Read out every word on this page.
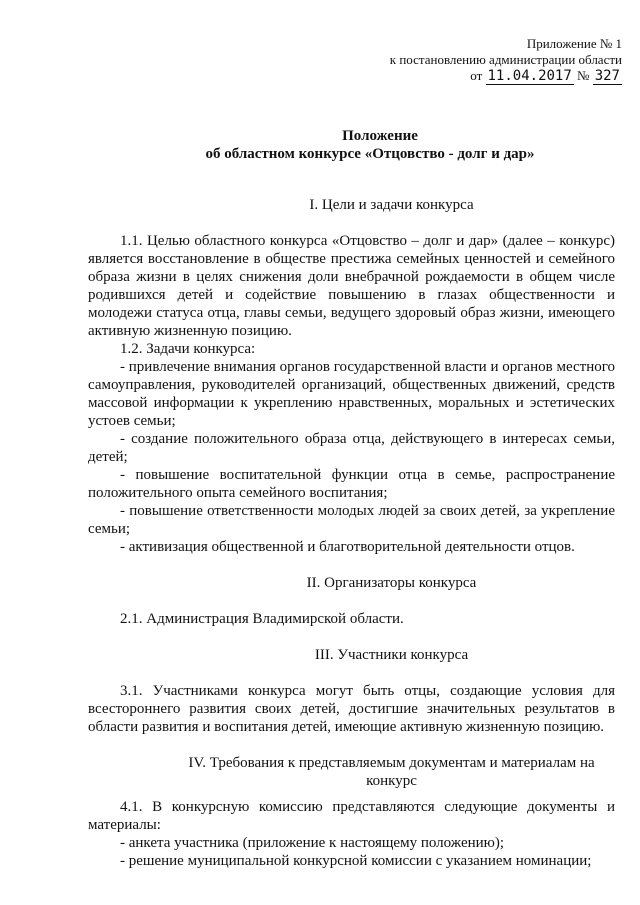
Приложение № 1
к постановлению администрации области
от 11.04.2017 № 327
Положение
об областном конкурсе «Отцовство - долг и дар»

I. Цели и задачи конкурса

1.1. Целью областного конкурса «Отцовство – долг и дар» (далее – конкурс) является восстановление в обществе престижа семейных ценностей и семейного образа жизни в целях снижения доли внебрачной рождаемости в общем числе родившихся детей и содействие повышению в глазах общественности и молодежи статуса отца, главы семьи, ведущего здоровый образ жизни, имеющего активную жизненную позицию.

1.2. Задачи конкурса:

- привлечение внимания органов государственной власти и органов местного самоуправления, руководителей организаций, общественных движений, средств массовой информации к укреплению нравственных, моральных и эстетических устоев семьи;

- создание положительного образа отца, действующего в интересах семьи, детей;

- повышение воспитательной функции отца в семье, распространение положительного опыта семейного воспитания;

- повышение ответственности молодых людей за своих детей, за укрепление семьи;

- активизация общественной и благотворительной деятельности отцов.

II. Организаторы конкурса

2.1. Администрация Владимирской области.

III. Участники конкурса

3.1. Участниками конкурса могут быть отцы, создающие условия для всестороннего развития своих детей, достигшие значительных результатов в области развития и воспитания детей, имеющие активную жизненную позицию.

IV. Требования к представляемым документам и материалам на конкурс

4.1. В конкурсную комиссию представляются следующие документы и материалы:

- анкета участника (приложение к настоящему положению);

- решение муниципальной конкурсной комиссии с указанием номинации;
